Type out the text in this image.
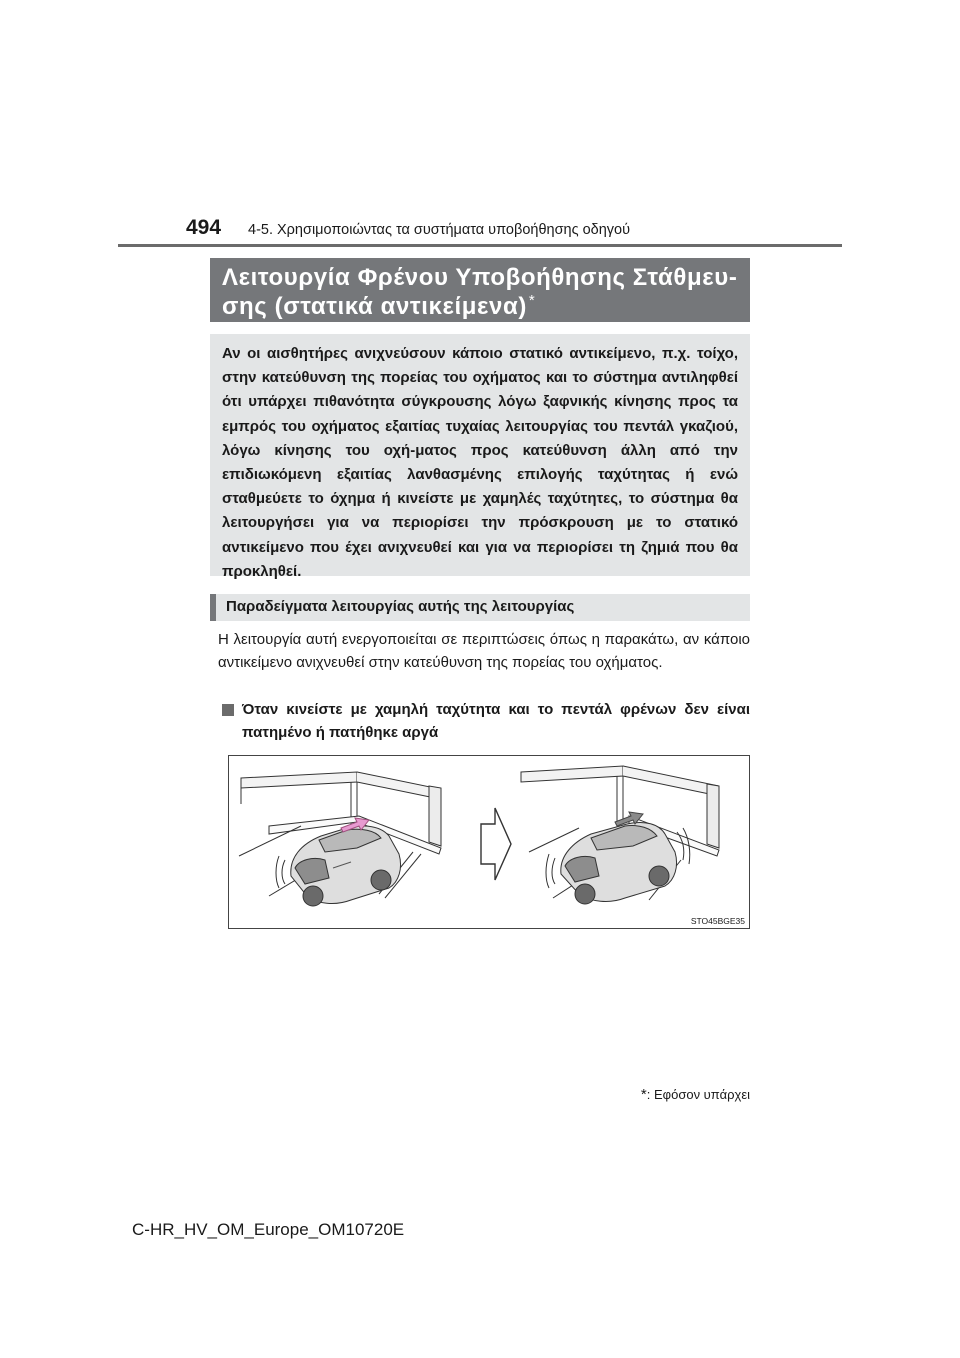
494 4-5. Χρησιμοποιώντας τα συστήματα υποβοήθησης οδηγού
Λειτουργία Φρένου Υποβοήθησης Στάθμευ-σης (στατικά αντικείμενα) *

Αν οι αισθητήρες ανιχνεύσουν κάποιο στατικό αντικείμενο, π.χ. τοίχο, στην κατεύθυνση της πορείας του οχήματος και το σύστημα αντιληφθεί ότι υπάρχει πιθανότητα σύγκρουσης λόγω ξαφνικής κίνησης προς τα εμπρός του οχήματος εξαιτίας τυχαίας λειτουργίας του πεντάλ γκαζιού, λόγω κίνησης του οχή-ματος προς κατεύθυνση άλλη από την επιδιωκόμενη εξαιτίας λανθασμένης επιλογής ταχύτητας ή ενώ σταθμεύετε το όχημα ή κινείστε με χαμηλές ταχύτητες, το σύστημα θα λειτουργήσει για να περιορίσει την πρόσκρουση με το στατικό αντικείμενο που έχει ανιχνευθεί και για να περιορίσει τη ζημιά που θα προκληθεί.

Παραδείγματα λειτουργίας αυτής της λειτουργίας

Η λειτουργία αυτή ενεργοποιείται σε περιπτώσεις όπως η παρακάτω, αν κάποιο αντικείμενο ανιχνευθεί στην κατεύθυνση της πορείας του οχήματος.

Όταν κινείστε με χαμηλή ταχύτητα και το πεντάλ φρένων δεν είναι πατημένο ή πατήθηκε αργά

STO45BGE35
*: Εφόσον υπάρχει
C-HR_HV_OM_Europe_OM10720E
